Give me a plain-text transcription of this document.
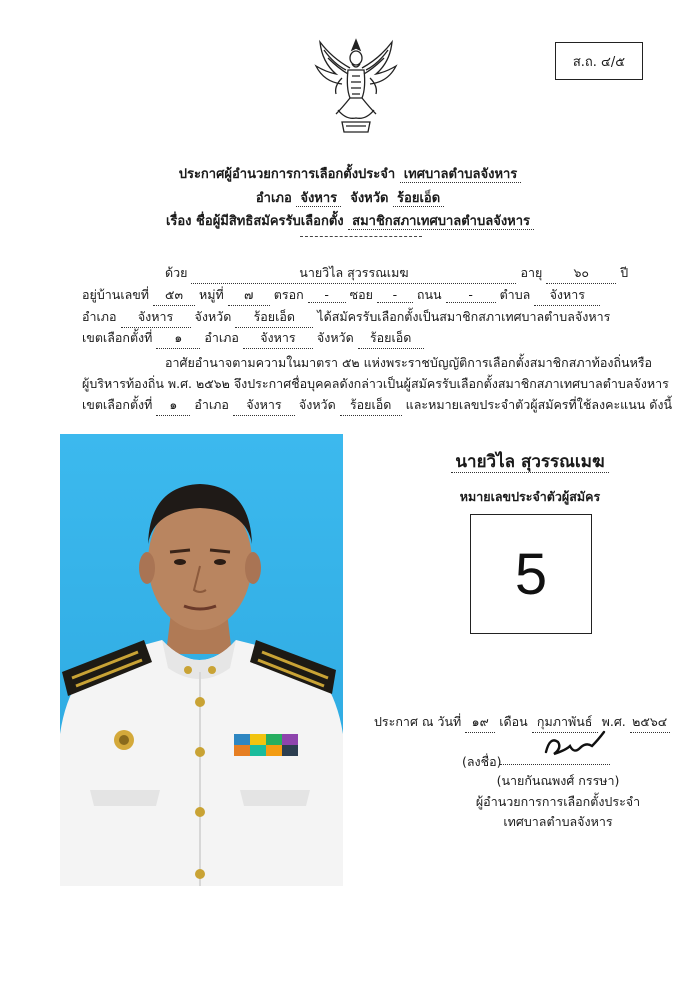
ส.ถ. ๔/๕
ประกาศผู้อำนวยการการเลือกตั้งประจำ เทศบาลตำบลจังหาร
อำเภอ จังหาร จังหวัด ร้อยเอ็ด
เรื่อง ชื่อผู้มีสิทธิสมัครรับเลือกตั้ง สมาชิกสภาเทศบาลตำบลจังหาร
ด้วย	นายวิไล สุวรรณเมฆ	อายุ ๖๐ ปี
อยู่บ้านเลขที่ ๕๓ หมู่ที่ ๗ ตรอก - ซอย - ถนน - ตำบล จังหาร
อำเภอ จังหาร จังหวัด ร้อยเอ็ด ได้สมัครรับเลือกตั้งเป็นสมาชิกสภาเทศบาลตำบลจังหาร
เขตเลือกตั้งที่ ๑ อำเภอ จังหาร จังหวัด ร้อยเอ็ด
อาศัยอำนาจตามความในมาตรา ๕๒ แห่งพระราชบัญญัติการเลือกตั้งสมาชิกสภาท้องถิ่นหรือ
ผู้บริหารท้องถิ่น พ.ศ. ๒๕๖๒ จึงประกาศชื่อบุคคลดังกล่าวเป็นผู้สมัครรับเลือกตั้งสมาชิกสภาเทศบาลตำบลจังหาร
เขตเลือกตั้งที่ ๑ อำเภอ จังหาร จังหวัด ร้อยเอ็ด และหมายเลขประจำตัวผู้สมัครที่ใช้ลงคะแนน ดังนี้
นายวิไล สุวรรณเมฆ
หมายเลขประจำตัวผู้สมัคร
5
ประกาศ ณ วันที่ ๑๙ เดือน กุมภาพันธ์ พ.ศ. ๒๕๖๔
(ลงชื่อ)
(นายกันณพงศ์ กรรษา)
ผู้อำนวยการการเลือกตั้งประจำ
เทศบาลตำบลจังหาร
